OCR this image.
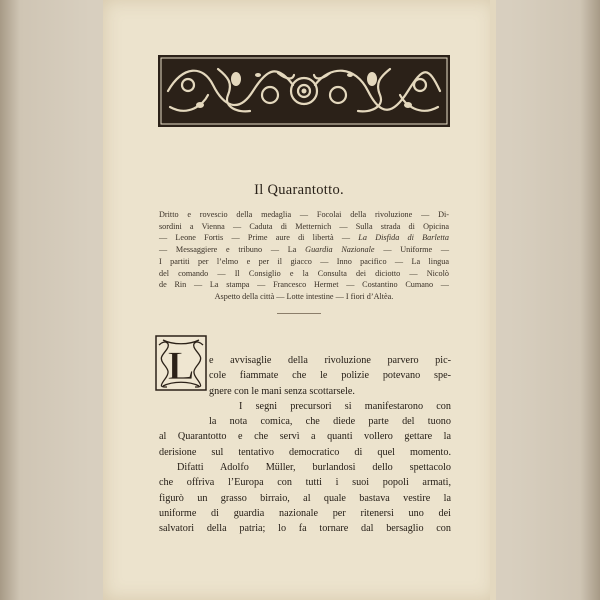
Il Quarantotto.
Dritto e rovescio della medaglia — Focolai della rivoluzione — Di-
sordini a Vienna — Caduta di Metternich — Sulla strada di Opicina
— Leone Fortis — Prime aure di libertà — La Disfida di Barletta
— Messaggiere e tribuno — La Guardia Nazionale — Uniforme —
I partiti per l’elmo e per il giacco — Inno pacifico — La lingua
del comando — Il Consiglio e la Consulta dei diciotto — Nicolò
de Rin — La stampa — Francesco Hermet — Costantino Cumano —
Aspetto della città — Lotte intestine — I fiori d’Altèa.
L	e avvisaglie della rivoluzione parvero pic-
cole fiammate che le polizie potevano spe-
gnere con le mani senza scottarsele.
I segni precursori si manifestarono con
la nota comica, che diede parte del tuono
al Quarantotto e che servì a quanti vollero gettare la
derisione sul tentativo democratico di quel momento.
Difatti Adolfo Müller, burlandosi dello spettacolo
che offriva l’Europa con tutti i suoi popoli armati,
figurò un grasso birraio, al quale bastava vestire la
uniforme di guardia nazionale per ritenersi uno dei
salvatori della patria; lo fa tornare dal bersaglio con
